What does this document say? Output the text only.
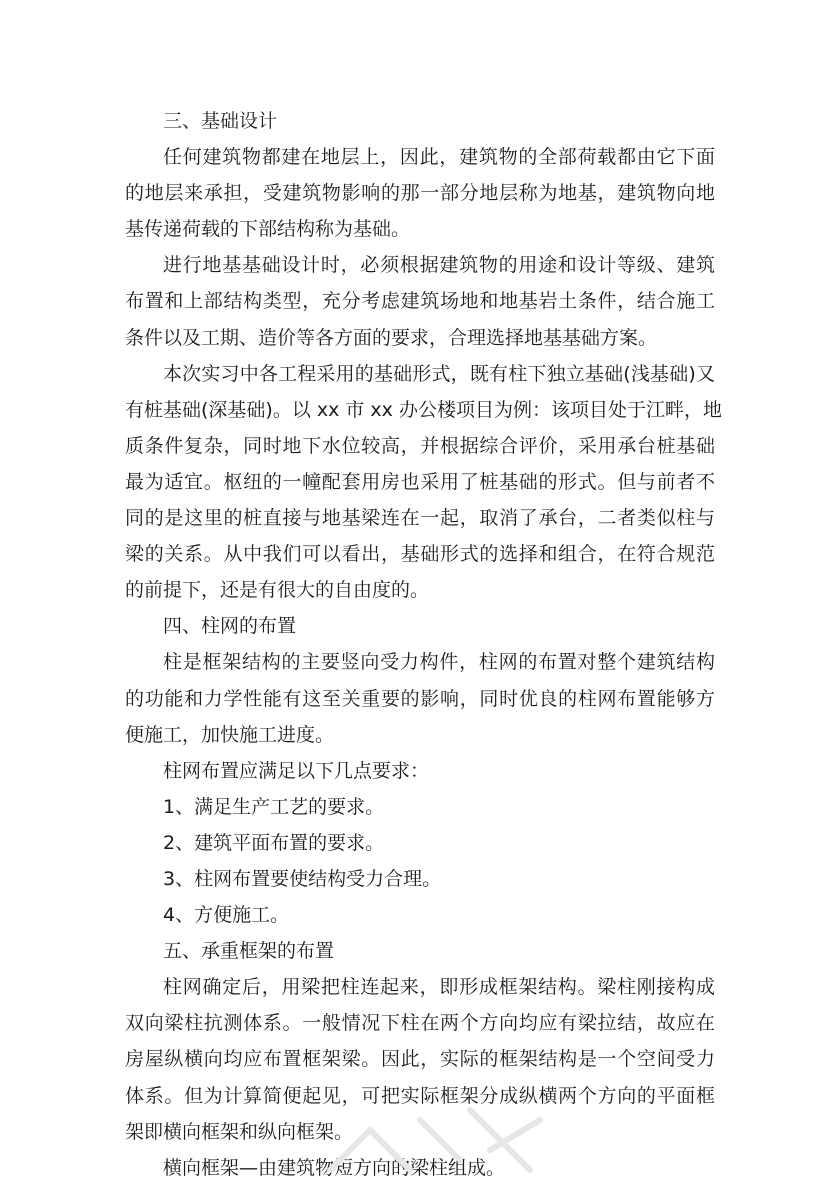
三、基础设计
任何建筑物都建在地层上，因此，建筑物的全部荷载都由它下面
的地层来承担，受建筑物影响的那一部分地层称为地基，建筑物向地
基传递荷载的下部结构称为基础。
进行地基基础设计时，必须根据建筑物的用途和设计等级、建筑
布置和上部结构类型，充分考虑建筑场地和地基岩土条件，结合施工
条件以及工期、造价等各方面的要求，合理选择地基基础方案。
本次实习中各工程采用的基础形式，既有柱下独立基础(浅基础)又
有桩基础(深基础)。以 xx 市 xx 办公楼项目为例：该项目处于江畔，地
质条件复杂，同时地下水位较高，并根据综合评价，采用承台桩基础
最为适宜。枢纽的一幢配套用房也采用了桩基础的形式。但与前者不
同的是这里的桩直接与地基梁连在一起，取消了承台，二者类似柱与
梁的关系。从中我们可以看出，基础形式的选择和组合，在符合规范
的前提下，还是有很大的自由度的。
四、柱网的布置
柱是框架结构的主要竖向受力构件，柱网的布置对整个建筑结构
的功能和力学性能有这至关重要的影响，同时优良的柱网布置能够方
便施工，加快施工进度。
柱网布置应满足以下几点要求：
1、满足生产工艺的要求。
2、建筑平面布置的要求。
3、柱网布置要使结构受力合理。
4、方便施工。
五、承重框架的布置
柱网确定后，用梁把柱连起来，即形成框架结构。梁柱刚接构成
双向梁柱抗测体系。一般情况下柱在两个方向均应有梁拉结，故应在
房屋纵横向均应布置框架梁。因此，实际的框架结构是一个空间受力
体系。但为计算简便起见，可把实际框架分成纵横两个方向的平面框
架即横向框架和纵向框架。
横向框架—由建筑物短方向的梁柱组成。
